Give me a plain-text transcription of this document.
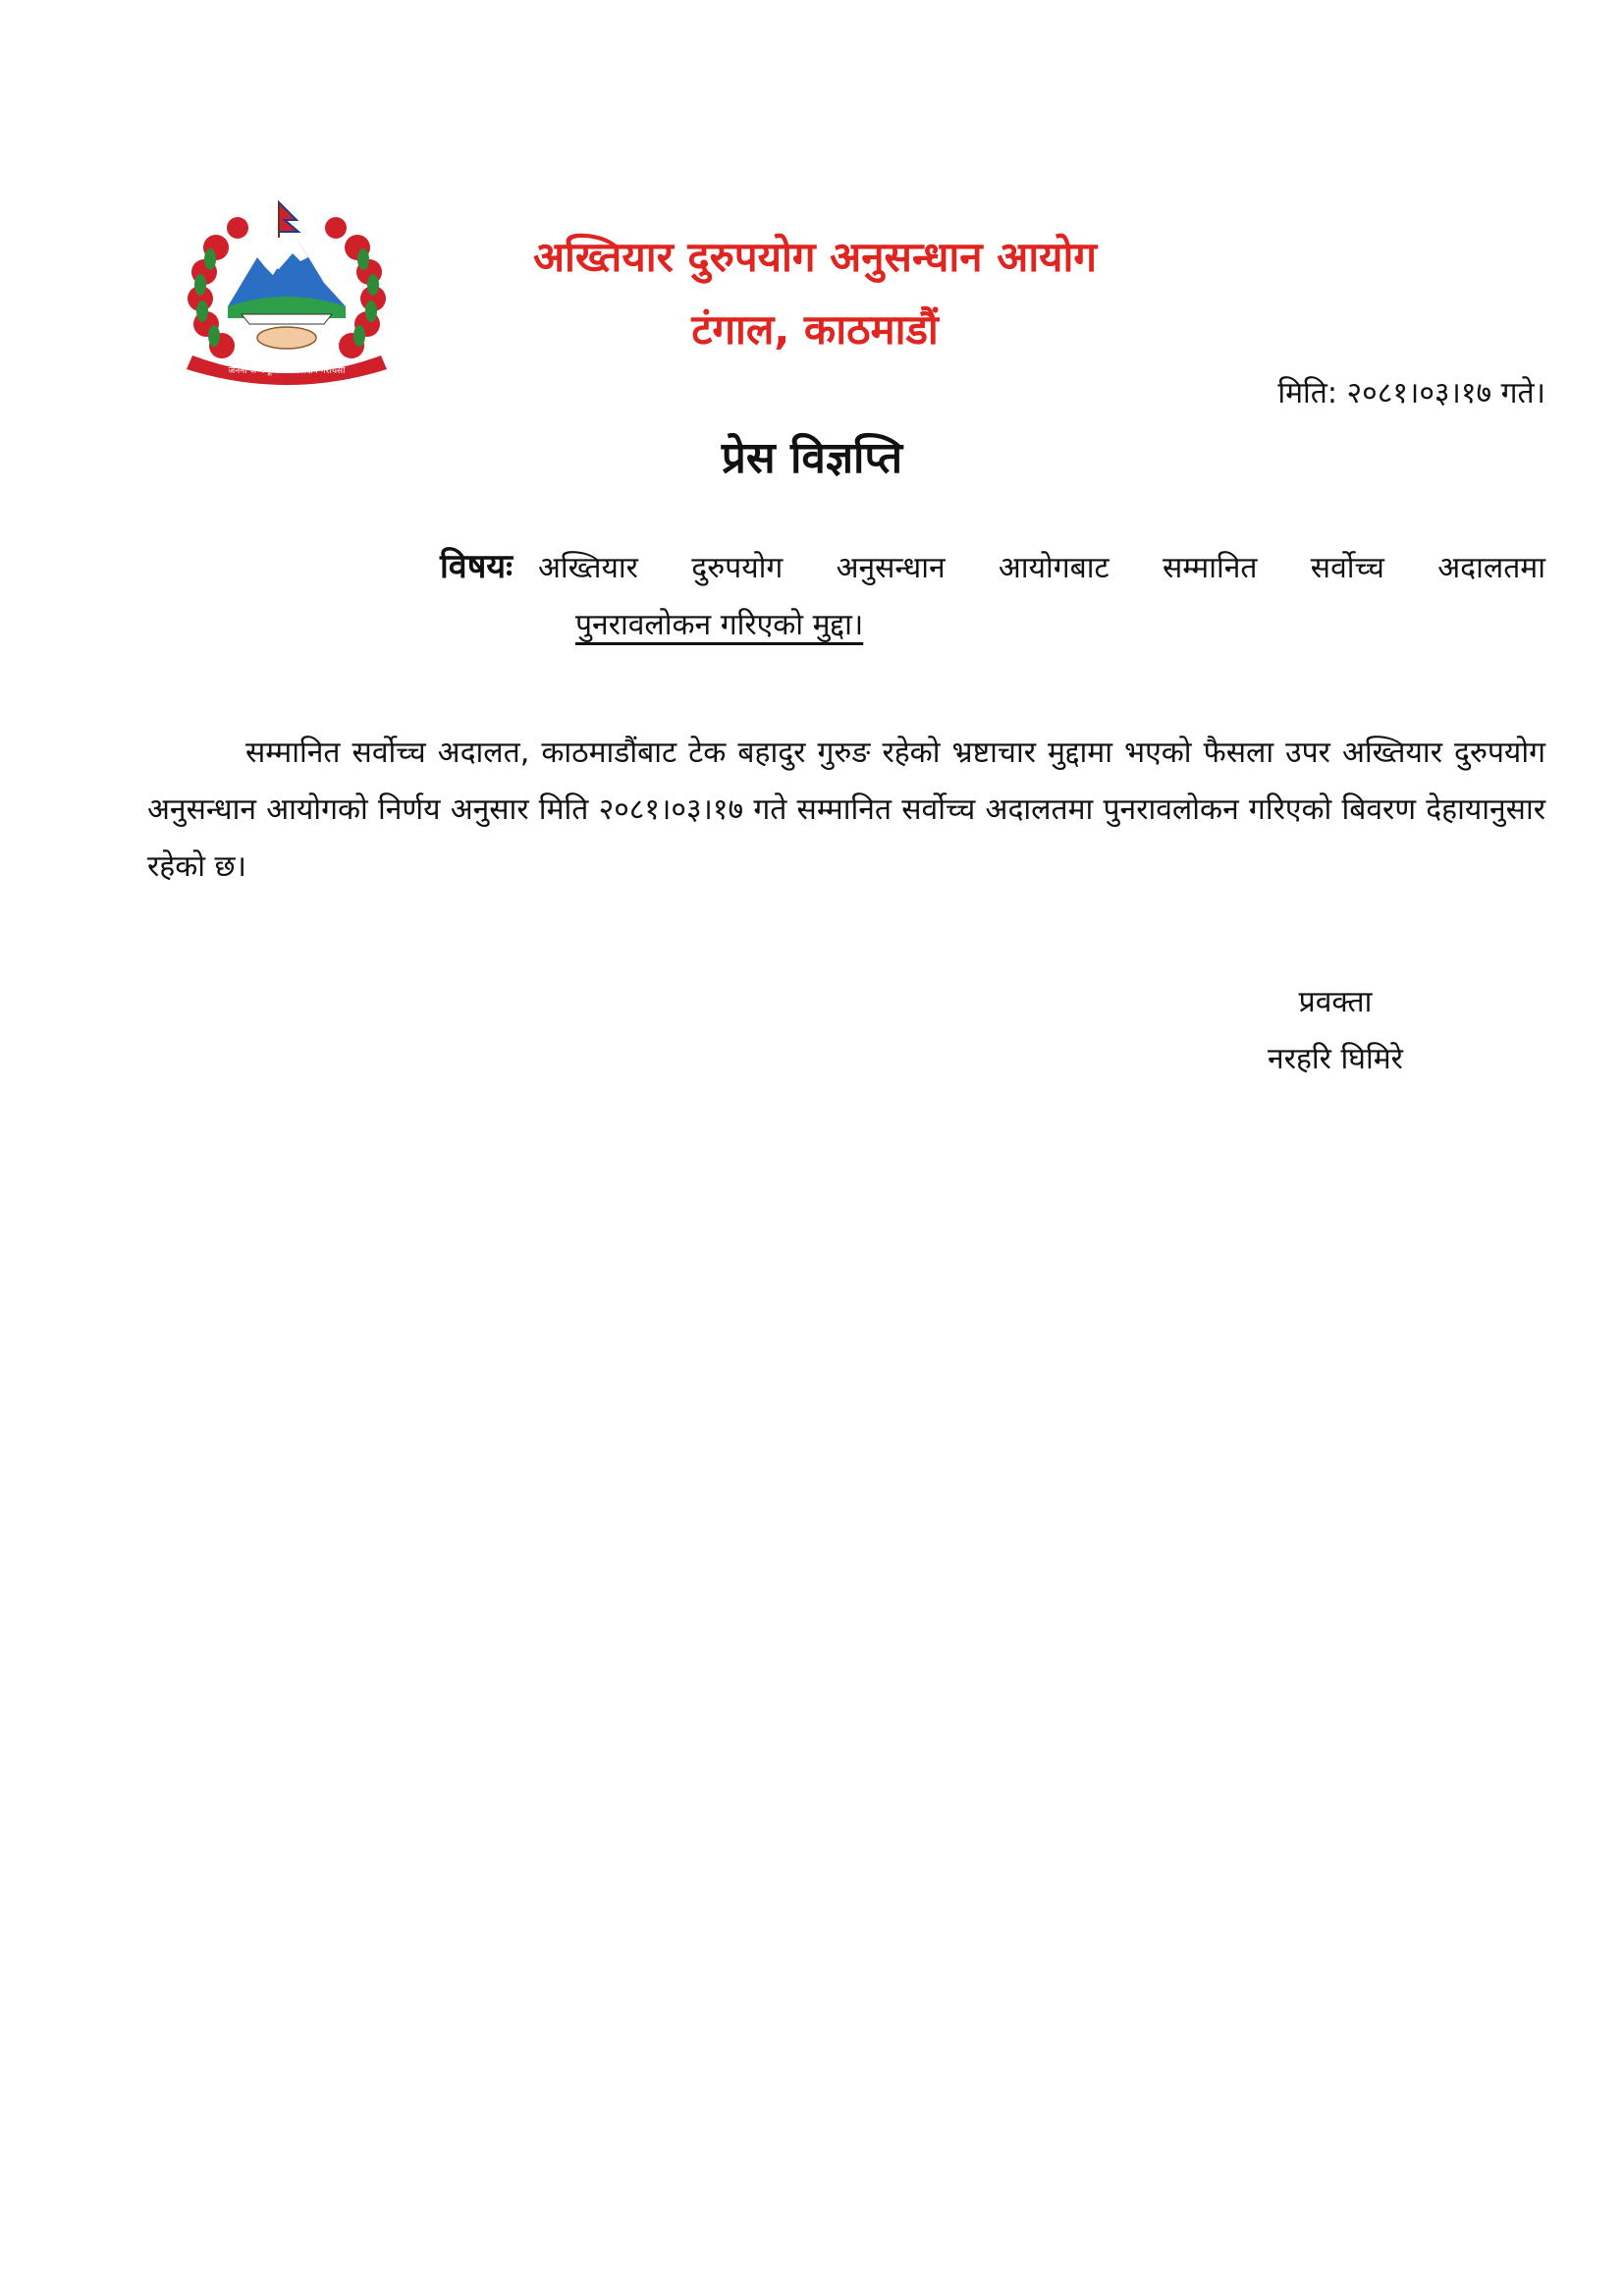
जननी जन्मभूमिश्च स्वर्गादपि गरीयसी
अख्तियार दुरुपयोग अनुसन्धान आयोग
टंगाल, काठमाडौं
मिति: २०८१।०३।१७ गते।
प्रेस विज्ञप्ति
विषयः अख्तियार दुरुपयोग अनुसन्धान आयोगबाट सम्मानित सर्वोच्च अदालतमा
पुनरावलोकन गरिएको मुद्दा।
सम्मानित सर्वोच्च अदालत, काठमाडौंबाट टेक बहादुर गुरुङ रहेको भ्रष्टाचार मुद्दामा भएको फैसला उपर अख्तियार दुरुपयोग अनुसन्धान आयोगको निर्णय अनुसार मिति २०८१।०३।१७ गते सम्मानित सर्वोच्च अदालतमा पुनरावलोकन गरिएको बिवरण देहायानुसार रहेको छ।
प्रवक्ता
नरहरि घिमिरे
